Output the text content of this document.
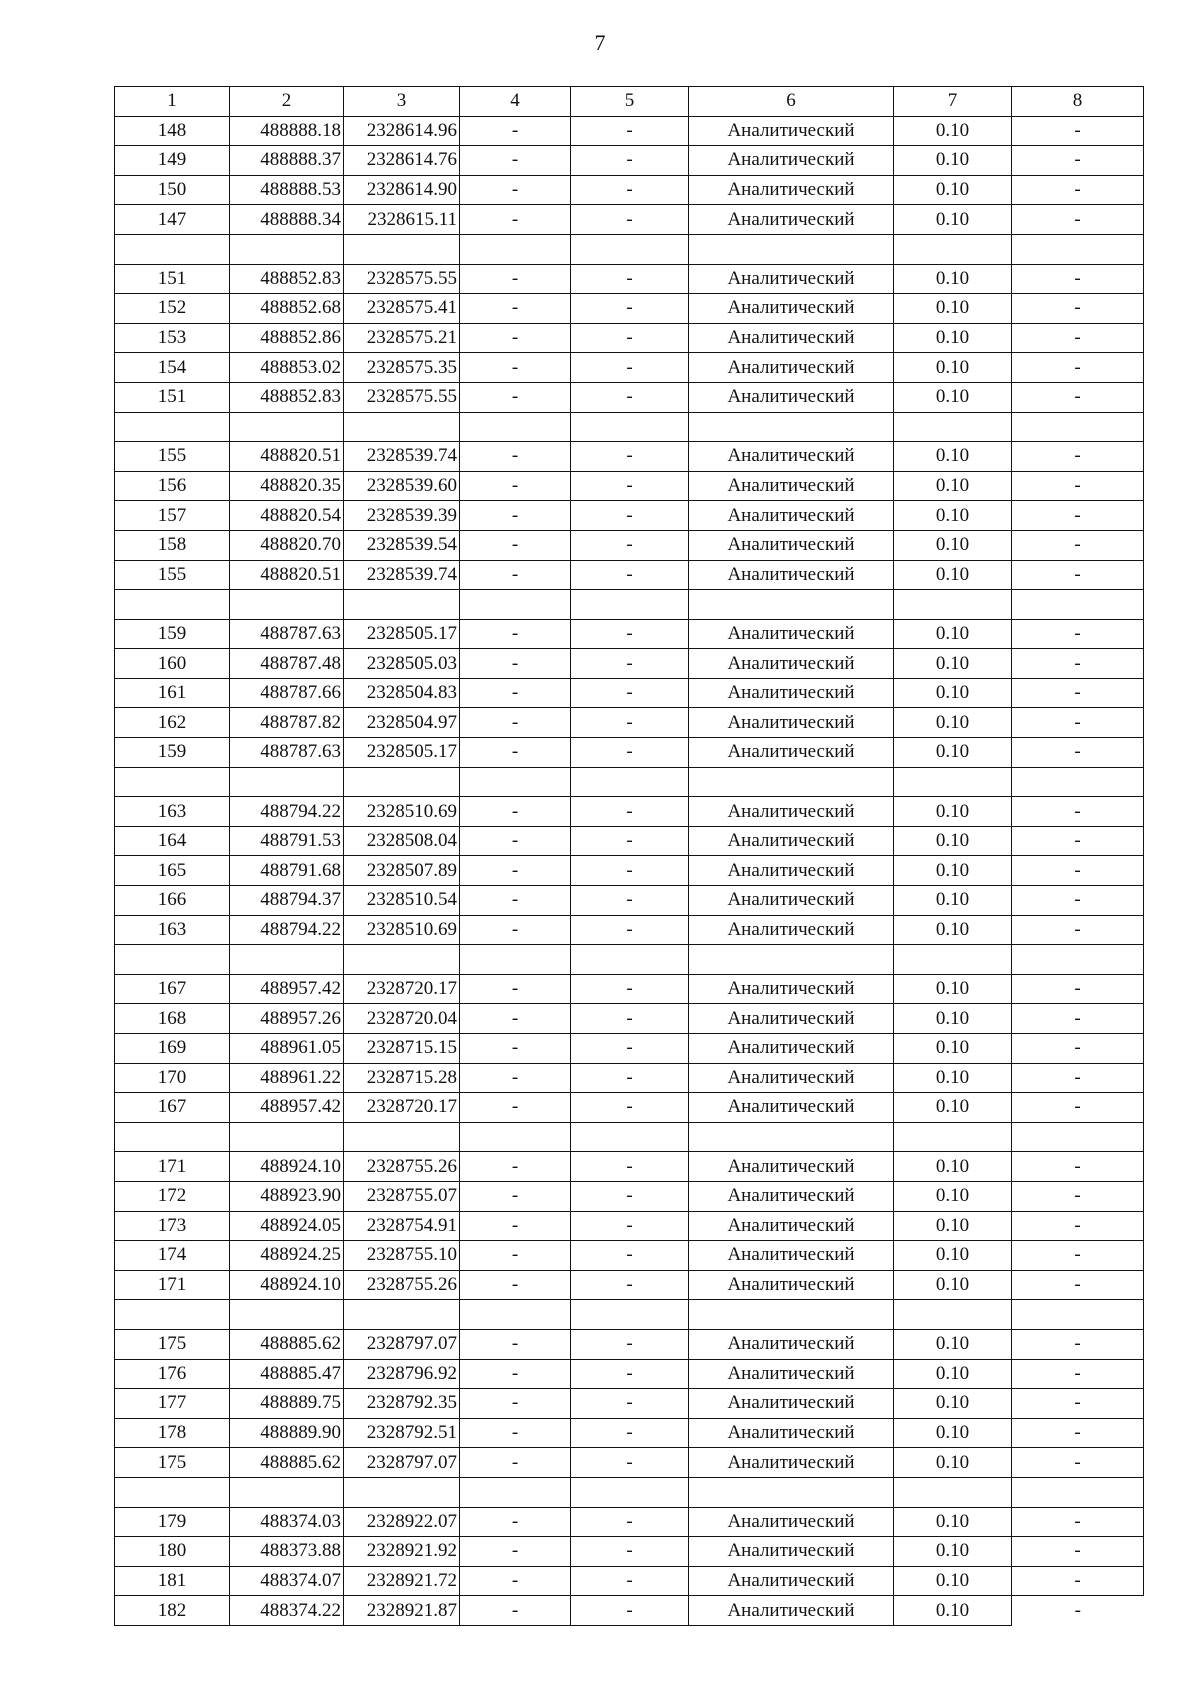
7
1	2	3	4	5	6	7	8
148	488888.18	2328614.96	-	-	Аналитический	0.10	-
149	488888.37	2328614.76	-	-	Аналитический	0.10	-
150	488888.53	2328614.90	-	-	Аналитический	0.10	-
147	488888.34	2328615.11	-	-	Аналитический	0.10	-

151	488852.83	2328575.55	-	-	Аналитический	0.10	-
152	488852.68	2328575.41	-	-	Аналитический	0.10	-
153	488852.86	2328575.21	-	-	Аналитический	0.10	-
154	488853.02	2328575.35	-	-	Аналитический	0.10	-
151	488852.83	2328575.55	-	-	Аналитический	0.10	-

155	488820.51	2328539.74	-	-	Аналитический	0.10	-
156	488820.35	2328539.60	-	-	Аналитический	0.10	-
157	488820.54	2328539.39	-	-	Аналитический	0.10	-
158	488820.70	2328539.54	-	-	Аналитический	0.10	-
155	488820.51	2328539.74	-	-	Аналитический	0.10	-

159	488787.63	2328505.17	-	-	Аналитический	0.10	-
160	488787.48	2328505.03	-	-	Аналитический	0.10	-
161	488787.66	2328504.83	-	-	Аналитический	0.10	-
162	488787.82	2328504.97	-	-	Аналитический	0.10	-
159	488787.63	2328505.17	-	-	Аналитический	0.10	-

163	488794.22	2328510.69	-	-	Аналитический	0.10	-
164	488791.53	2328508.04	-	-	Аналитический	0.10	-
165	488791.68	2328507.89	-	-	Аналитический	0.10	-
166	488794.37	2328510.54	-	-	Аналитический	0.10	-
163	488794.22	2328510.69	-	-	Аналитический	0.10	-

167	488957.42	2328720.17	-	-	Аналитический	0.10	-
168	488957.26	2328720.04	-	-	Аналитический	0.10	-
169	488961.05	2328715.15	-	-	Аналитический	0.10	-
170	488961.22	2328715.28	-	-	Аналитический	0.10	-
167	488957.42	2328720.17	-	-	Аналитический	0.10	-

171	488924.10	2328755.26	-	-	Аналитический	0.10	-
172	488923.90	2328755.07	-	-	Аналитический	0.10	-
173	488924.05	2328754.91	-	-	Аналитический	0.10	-
174	488924.25	2328755.10	-	-	Аналитический	0.10	-
171	488924.10	2328755.26	-	-	Аналитический	0.10	-

175	488885.62	2328797.07	-	-	Аналитический	0.10	-
176	488885.47	2328796.92	-	-	Аналитический	0.10	-
177	488889.75	2328792.35	-	-	Аналитический	0.10	-
178	488889.90	2328792.51	-	-	Аналитический	0.10	-
175	488885.62	2328797.07	-	-	Аналитический	0.10	-

179	488374.03	2328922.07	-	-	Аналитический	0.10	-
180	488373.88	2328921.92	-	-	Аналитический	0.10	-
181	488374.07	2328921.72	-	-	Аналитический	0.10	-
182	488374.22	2328921.87	-	-	Аналитический	0.10	-
